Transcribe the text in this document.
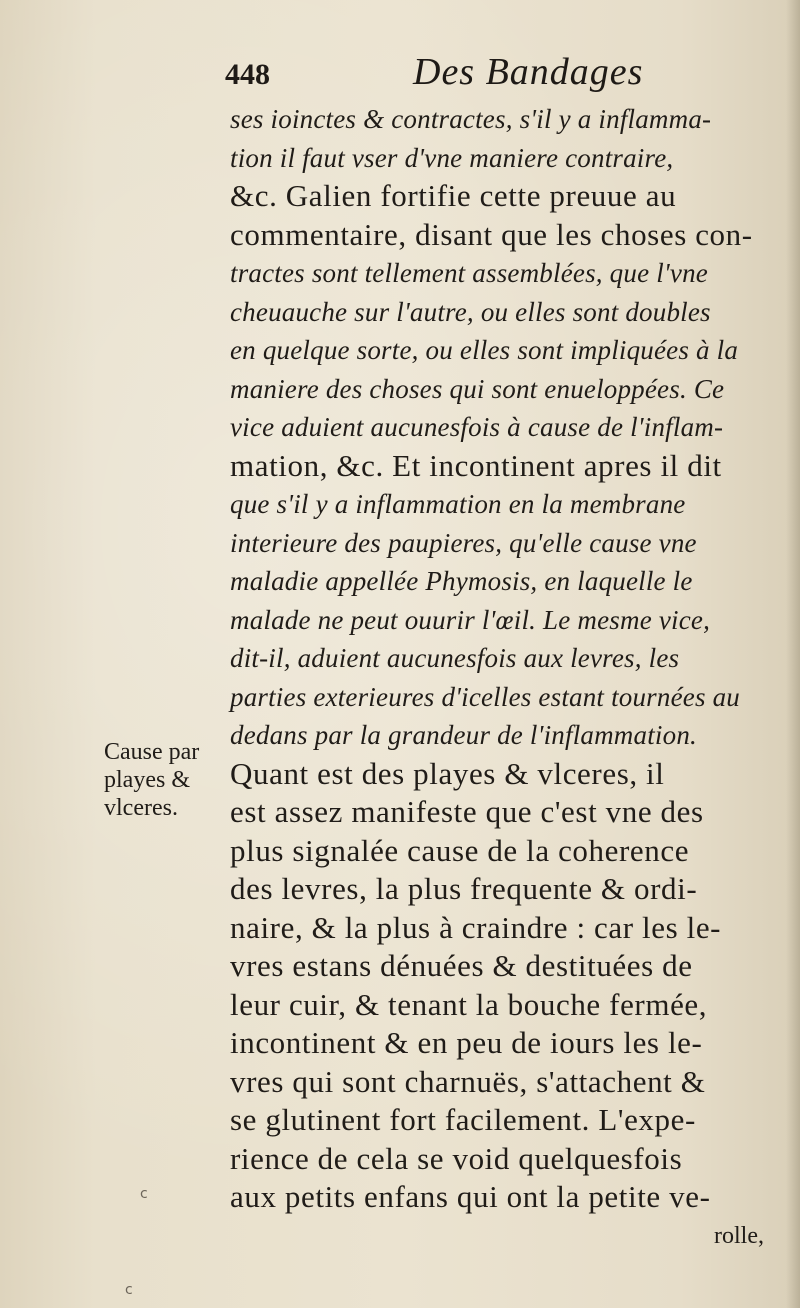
448	Des Bandages
ses ioinctes & contractes, s'il y a inflamma-
tion il faut vser d'vne maniere contraire,
&c. Galien fortifie cette preuue au
commentaire, disant que les choses con-
tractes sont tellement assemblées, que l'vne
cheuauche sur l'autre, ou elles sont doubles
en quelque sorte, ou elles sont impliquées à la
maniere des choses qui sont enueloppées. Ce
vice aduient aucunesfois à cause de l'inflam-
mation, &c. Et incontinent apres il dit
que s'il y a inflammation en la membrane
interieure des paupieres, qu'elle cause vne
maladie appellée Phymosis, en laquelle le
malade ne peut ouurir l'œil. Le mesme vice,
dit-il, aduient aucunesfois aux levres, les
parties exterieures d'icelles estant tournées au
dedans par la grandeur de l'inflammation.
Quant est des playes & vlceres, il
est assez manifeste que c'est vne des
plus signalée cause de la coherence
des levres, la plus frequente & ordi-
naire, & la plus à craindre : car les le-
vres estans dénuées & destituées de
leur cuir, & tenant la bouche fermée,
incontinent & en peu de iours les le-
vres qui sont charnuës, s'attachent &
se glutinent fort facilement. L'expe-
rience de cela se void quelquesfois
aux petits enfans qui ont la petite ve-
rolle,
Cause par
playes &
vlceres.
c
c
